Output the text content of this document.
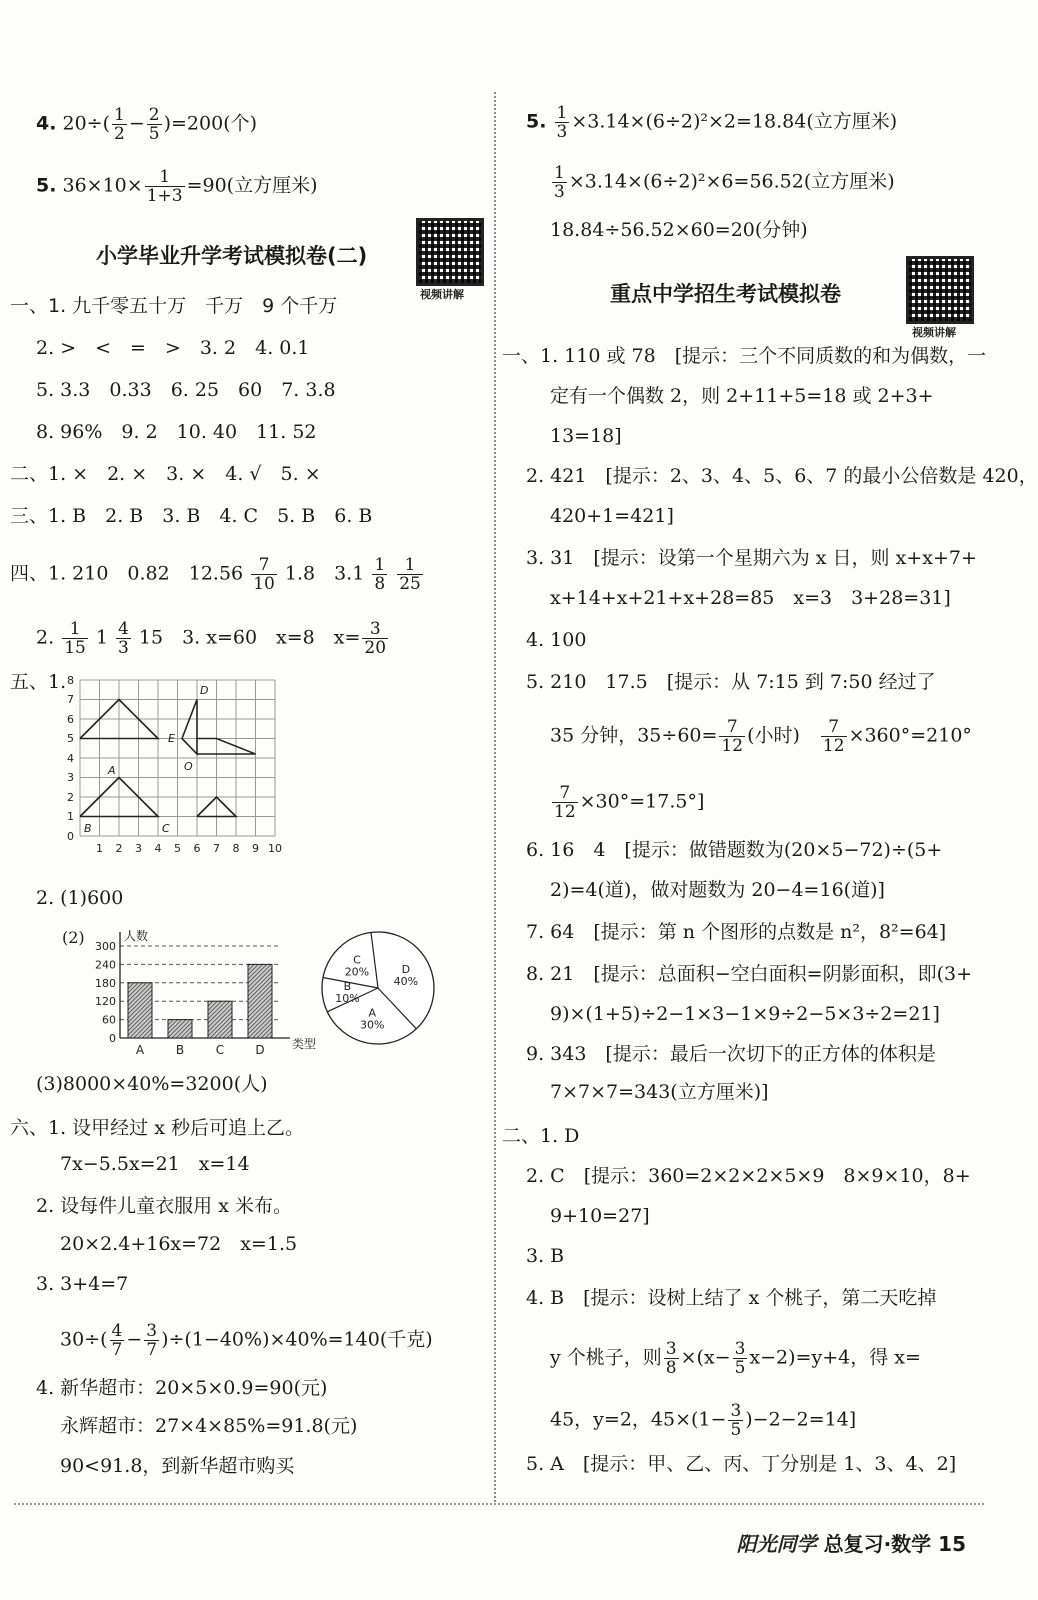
4. $20\div( \frac{1}{2} - \frac{2}{5} )=200$(个)
5. $36\times 10\times \frac{1}{1+3} =90$(立方厘米)
小学毕业升学考试模拟卷(二)
视频讲解
一、1. 九千零五十万　千万　9 个千万
2. >　<　=　>　3. 2　4. 0.1
5. 3.3　0.33　6. 25　60　7. 3.8
8. 96%　9. 2　10. 40　11. 52
二、1. ×　2. ×　3. ×　4. √　5. ×
三、1. B　2. B　3. B　4. C　5. B　6. B
四、1. 210　0.82　$12.56 \frac{7}{10} 1.8$　$3.1 \frac{1}{8}$
$\frac{1}{25}$
2. $\frac{1}{15} 1 \frac{4}{3} 15$　3. x=60　x=8　$x= \frac{3}{20}$
五、1.
0
1
2
3
4
5
6
7
8
1 2 3 4 5 6 7 8 9 10
D
E
O
A
B	C
2. (1)600
(2)
0
60
120
180
240
300
人数
类型
A	B	C	D
D
40%
A
30%
B
10%
C
20%
(3)8000×40%=3200(人)
六、1. 设甲经过 x 秒后可追上乙。
7x−5.5x=21　x=14
2. 设每件儿童衣服用 x 米布。
20×2.4+16x=72　x=1.5
3. 3+4=7
$30\div( \frac{4}{7} - \frac{3}{7} )\div(1-40\%)\times 40\%=140$(千克)
4. 新华超市：20×5×0.9=90(元)
永辉超市：27×4×85%=91.8(元)
90<91.8，到新华超市购买
5. $\frac{1}{3} \times 3.14\times(6\div 2)^2\times 2=18.84$(立方厘米)
$\frac{1}{3} \times 3.14\times(6\div 2)^2\times 6=56.52$(立方厘米)
18.84÷56.52×60=20(分钟)
重点中学招生考试模拟卷
视频讲解
一、1. 110 或 78　[提示：三个不同质数的和为偶数，一
定有一个偶数 2，则 2+11+5=18 或 2+3+
13=18]
2. 421　[提示：2、3、4、5、6、7 的最小公倍数是 420，
420+1=421]
3. 31　[提示：设第一个星期六为 x 日，则 x+x+7+
x+14+x+21+x+28=85　x=3　3+28=31]
4. 100
5. 210　17.5　[提示：从 7:15 到 7:50 经过了
35 分钟，$35\div 60= \frac{7}{12}$ (小时)　 $\frac{7}{12} \times 360^\circ=210^\circ$
$\frac{7}{12} \times 30^\circ=17.5^\circ$]
6. 16　4　[提示：做错题数为(20×5−72)÷(5+
2)=4(道)，做对题数为 20−4=16(道)]
7. 64　[提示：第 n 个图形的点数是 n²，8²=64]
8. 21　[提示：总面积−空白面积=阴影面积，即(3+
9)×(1+5)÷2−1×3−1×9÷2−5×3÷2=21]
9. 343　[提示：最后一次切下的正方体的体积是
7×7×7=343(立方厘米)]
二、1. D
2. C　[提示：360=2×2×2×5×9　8×9×10，8+
9+10=27]
3. B
4. B　[提示：设树上结了 x 个桃子，第二天吃掉
y 个桃子，则 $\frac{3}{8} \times(x- \frac{3}{5} x-2)=y+4$，得 x=
45，y=2，$45\times(1- \frac{3}{5} )-2-2=14$]
5. A　[提示：甲、乙、丙、丁分别是 1、3、4、2]
阳光同学 总复习·数学 15
